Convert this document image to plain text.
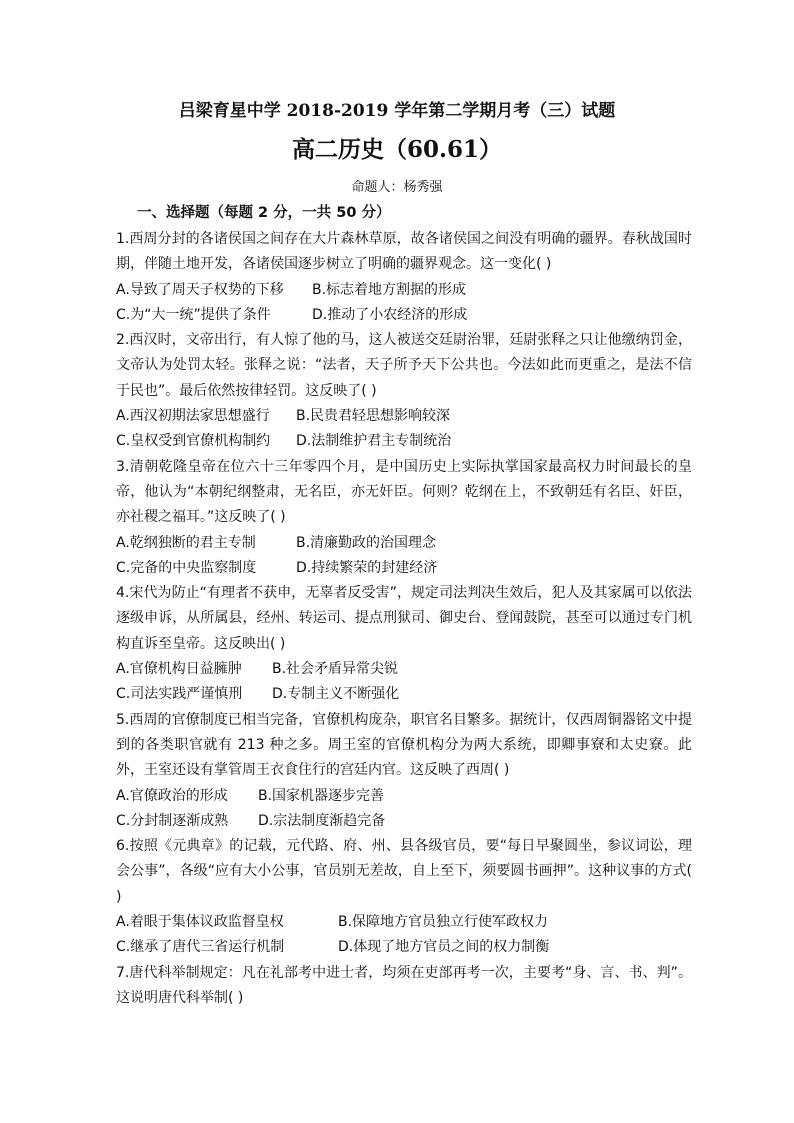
吕梁育星中学 2018-2019 学年第二学期月考（三）试题
高二历史（60.61）
命题人：杨秀强
一、选择题（每题 2 分，一共 50 分）

1.西周分封的各诸侯国之间存在大片森林草原，故各诸侯国之间没有明确的疆界。春秋战国时期，伴随土地开发，各诸侯国逐步树立了明确的疆界观念。这一变化( )

A.导致了周天子权势的下移	B.标志着地方割据的形成
C.为“大一统”提供了条件	D.推动了小农经济的形成

2.西汉时，文帝出行，有人惊了他的马，这人被送交廷尉治罪，廷尉张释之只让他缴纳罚金，文帝认为处罚太轻。张释之说：“法者，天子所予天下公共也。今法如此而更重之，是法不信于民也”。最后依然按律轻罚。这反映了( )

A.西汉初期法家思想盛行	B.民贵君轻思想影响较深
C.皇权受到官僚机构制约	D.法制维护君主专制统治

3.清朝乾隆皇帝在位六十三年零四个月，是中国历史上实际执掌国家最高权力时间最长的皇帝，他认为“本朝纪纲整肃，无名臣，亦无奸臣。何则？乾纲在上，不致朝廷有名臣、奸臣，亦社稷之福耳。”这反映了( )

A.乾纲独断的君主专制	B.清廉勤政的治国理念
C.完备的中央监察制度	D.持续繁荣的封建经济

4.宋代为防止“有理者不获申，无辜者反受害”，规定司法判决生效后，犯人及其家属可以依法逐级申诉，从所属县，经州、转运司、提点刑狱司、御史台、登闻鼓院，甚至可以通过专门机构直诉至皇帝。这反映出( )

A.官僚机构日益臃肿	B.社会矛盾异常尖锐
C.司法实践严谨慎刑	D.专制主义不断强化

5.西周的官僚制度已相当完备，官僚机构庞杂，职官名目繁多。据统计，仅西周铜器铭文中提到的各类职官就有 213 种之多。周王室的官僚机构分为两大系统，即卿事寮和太史寮。此外，王室还设有掌管周王衣食住行的宫廷内官。这反映了西周( )

A.官僚政治的形成	B.国家机器逐步完善
C.分封制逐渐成熟	D.宗法制度渐趋完备

6.按照《元典章》的记载，元代路、府、州、县各级官员，要“每日早聚圆坐，参议词讼，理会公事”，各级“应有大小公事，官员别无差故，自上至下，须要圆书画押”。这种议事的方式( )

A.着眼于集体议政监督皇权	B.保障地方官员独立行使军政权力
C.继承了唐代三省运行机制	D.体现了地方官员之间的权力制衡

7.唐代科举制规定：凡在礼部考中进士者，均须在吏部再考一次，主要考“身、言、书、判”。这说明唐代科举制( )
